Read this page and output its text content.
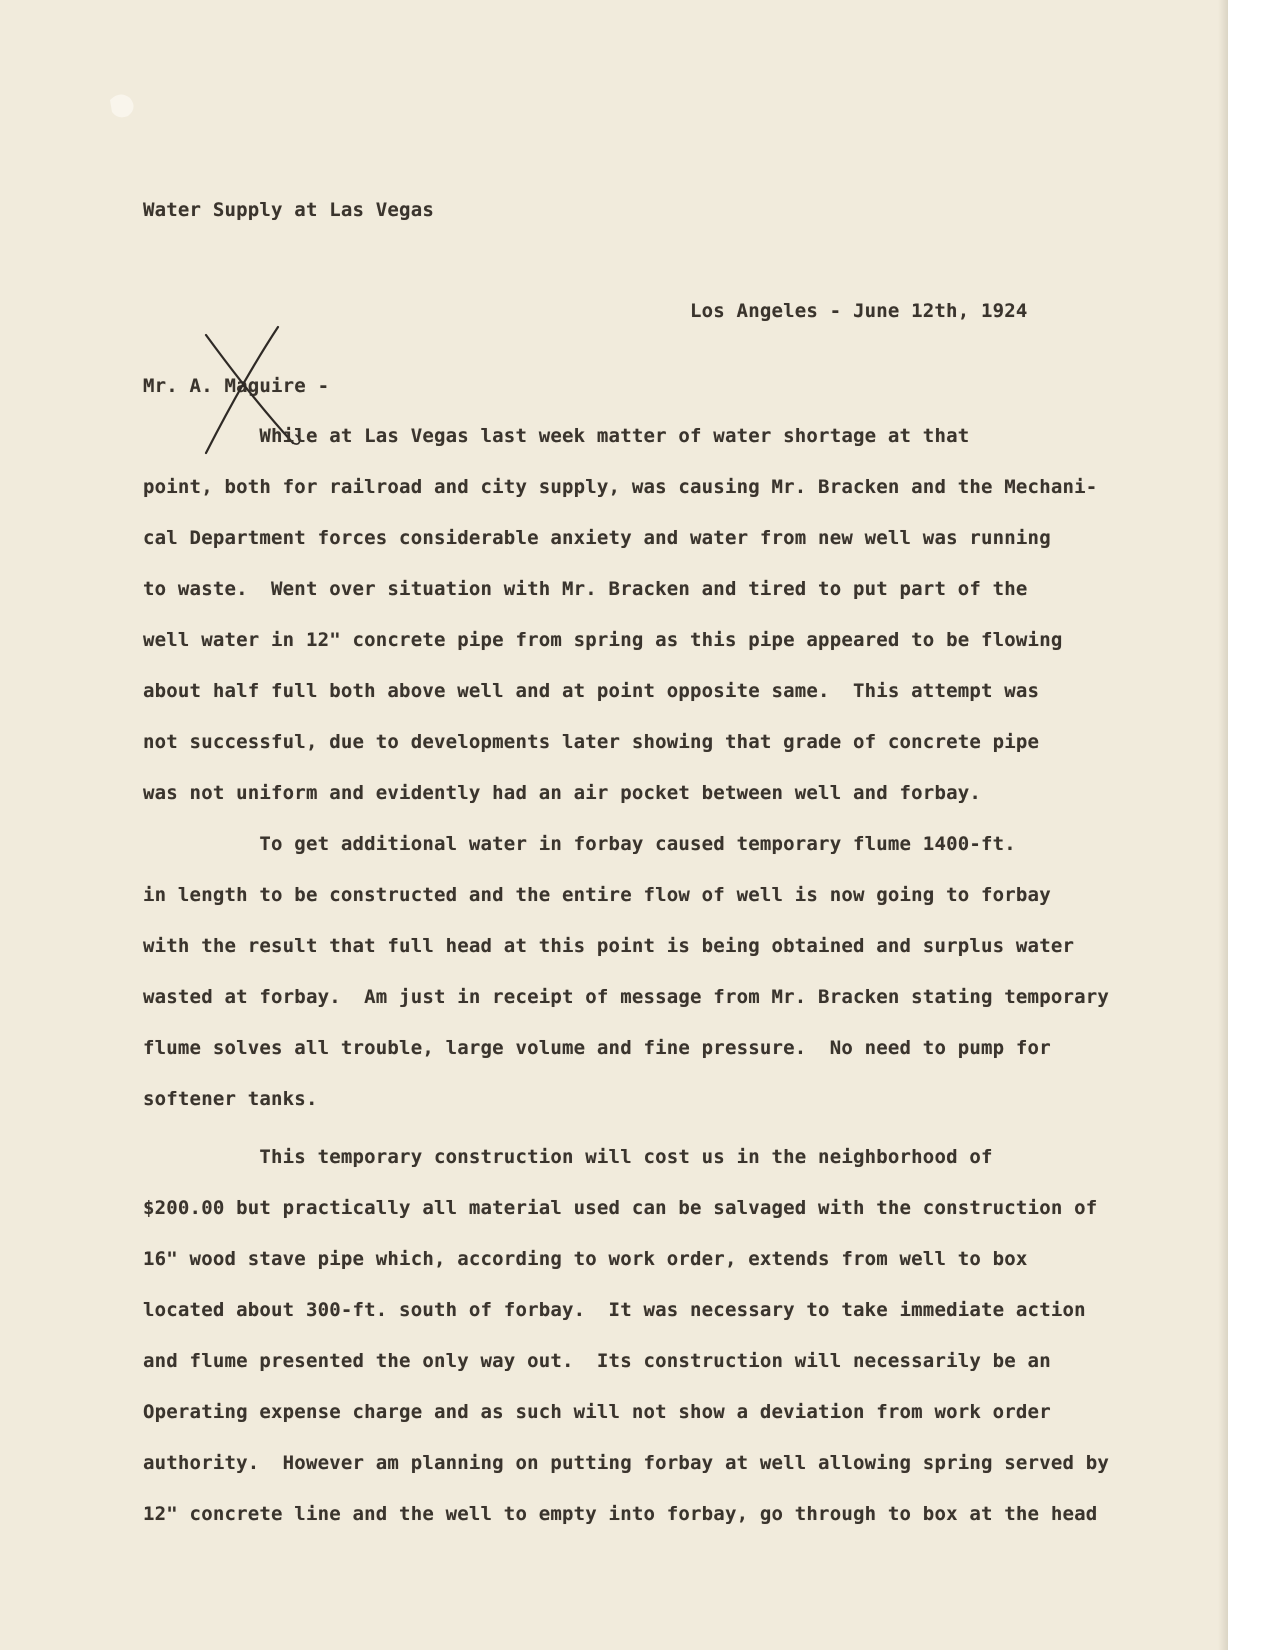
Water Supply at Las Vegas
Los Angeles - June 12th, 1924
Mr. A. Maguire -
While at Las Vegas last week matter of water shortage at that
point, both for railroad and city supply, was causing Mr. Bracken and the Mechani-
cal Department forces considerable anxiety and water from new well was running
to waste.  Went over situation with Mr. Bracken and tired to put part of the
well water in 12" concrete pipe from spring as this pipe appeared to be flowing
about half full both above well and at point opposite same.  This attempt was
not successful, due to developments later showing that grade of concrete pipe
was not uniform and evidently had an air pocket between well and forbay.
To get additional water in forbay caused temporary flume 1400-ft.
in length to be constructed and the entire flow of well is now going to forbay
with the result that full head at this point is being obtained and surplus water
wasted at forbay.  Am just in receipt of message from Mr. Bracken stating temporary
flume solves all trouble, large volume and fine pressure.  No need to pump for
softener tanks.
This temporary construction will cost us in the neighborhood of
$200.00 but practically all material used can be salvaged with the construction of
16" wood stave pipe which, according to work order, extends from well to box
located about 300-ft. south of forbay.  It was necessary to take immediate action
and flume presented the only way out.  Its construction will necessarily be an
Operating expense charge and as such will not show a deviation from work order
authority.  However am planning on putting forbay at well allowing spring served by
12" concrete line and the well to empty into forbay, go through to box at the head
